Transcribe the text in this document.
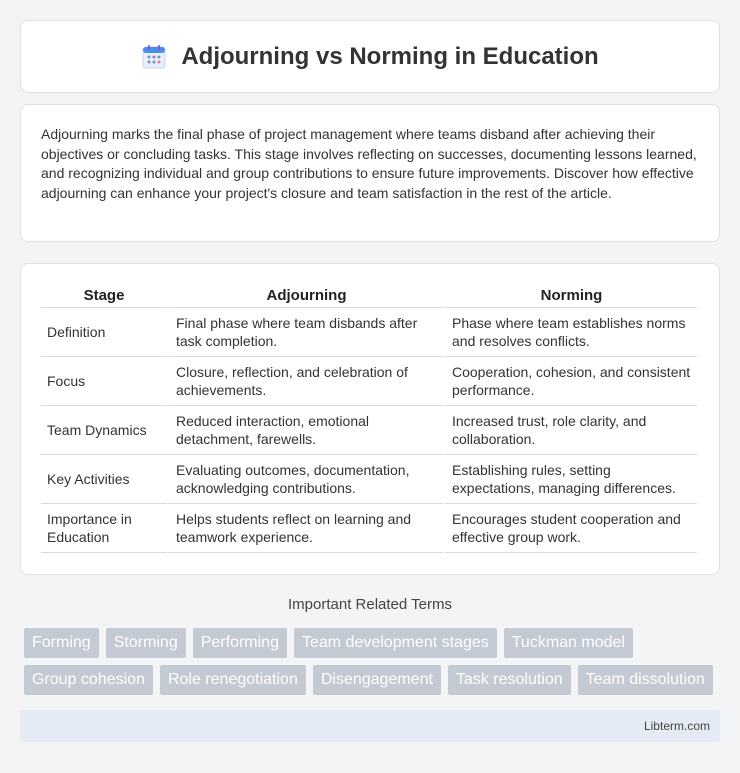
Adjourning vs Norming in Education

Adjourning marks the final phase of project management where teams disband after achieving their objectives or concluding tasks. This stage involves reflecting on successes, documenting lessons learned, and recognizing individual and group contributions to ensure future improvements. Discover how effective adjourning can enhance your project's closure and team satisfaction in the rest of the article.

Stage	Adjourning	Norming
Definition	Final phase where team disbands after task completion.	Phase where team establishes norms and resolves conflicts.
Focus	Closure, reflection, and celebration of achievements.	Cooperation, cohesion, and consistent performance.
Team Dynamics	Reduced interaction, emotional detachment, farewells.	Increased trust, role clarity, and collaboration.
Key Activities	Evaluating outcomes, documentation, acknowledging contributions.	Establishing rules, setting expectations, managing differences.
Importance in Education	Helps students reflect on learning and teamwork experience.	Encourages student cooperation and effective group work.
Important Related Terms
Forming	Storming	Performing	Team development stages	Tuckman model
Group cohesion	Role renegotiation	Disengagement	Task resolution	Team dissolution
Libterm.com
